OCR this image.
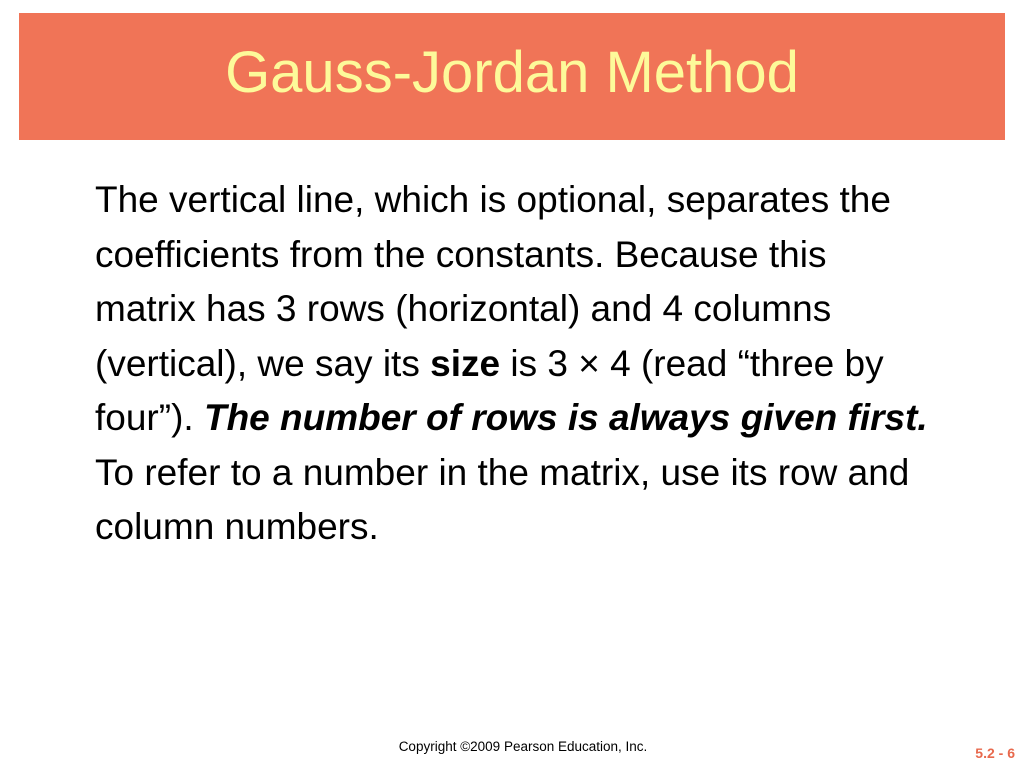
Gauss-Jordan Method

The vertical line, which is optional, separates the coefficients from the constants. Because this matrix has 3 rows (horizontal) and 4 columns (vertical), we say its size is 3 × 4 (read “three by four”). The number of rows is always given first. To refer to a number in the matrix, use its row and column numbers.

Copyright ©2009 Pearson Education, Inc.	5.2 - 6
